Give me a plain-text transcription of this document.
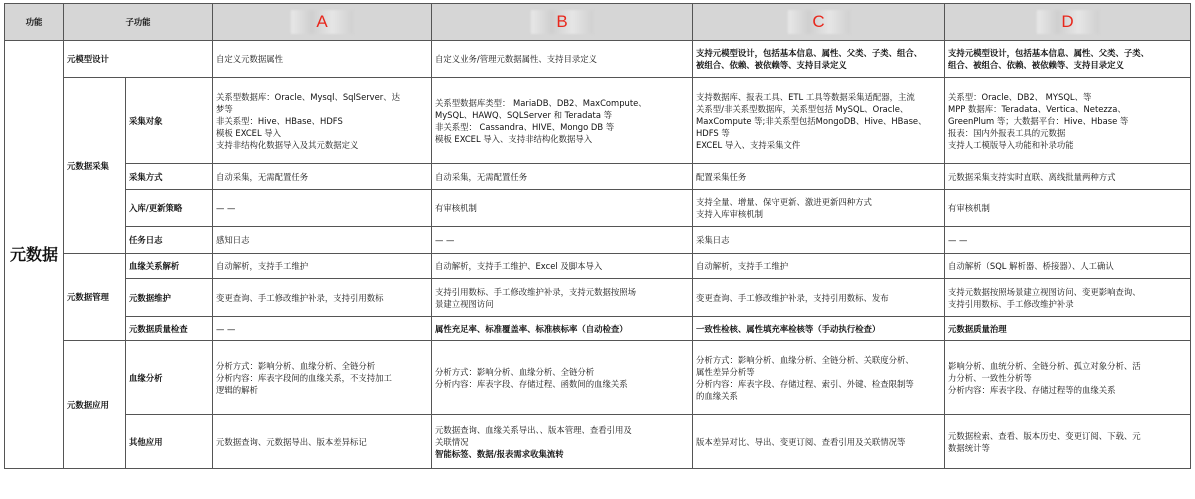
功能	子功能		A	B	C	D

元数据	元模型设计		自定义元数据属性	自定义业务/管理元数据属性、支持目录定义	支持元模型设计，包括基本信息、属性、父类、子类、组合、
被组合、依赖、被依赖等、支持目录定义	支持元模型设计，包括基本信息、属性、父类、子类、
组合、被组合、依赖、被依赖等、支持目录定义

	元数据采集	采集对象	关系型数据库：Oracle、Mysql、SqlServer、达
梦等
非关系型：Hive、HBase、HDFS
模板 EXCEL 导入
支持非结构化数据导入及其元数据定义	关系型数据库类型： MariaDB、DB2、MaxCompute、
MySQL、HAWQ、SQLServer 和 Teradata 等
非关系型： Cassandra、HIVE、Mongo DB 等
模板 EXCEL 导入、支持非结构化数据导入	支持数据库、报表工具、ETL 工具等数据采集适配器，主流
关系型/非关系型数据库，关系型包括 MySQL、Oracle、
MaxCompute 等;非关系型包括MongoDB、Hive、HBase、
HDFS 等
EXCEL 导入、支持采集文件	关系型：Oracle、DB2、 MYSQL、等
MPP 数据库：Teradata、Vertica、Netezza、
GreenPlum 等；大数据平台：Hive、Hbase 等
报表：国内外报表工具的元数据
支持人工模版导入功能和补录功能

		采集方式	自动采集，无需配置任务	自动采集，无需配置任务	配置采集任务	元数据采集支持实时直联、离线批量两种方式

		入库/更新策略	— —	有审核机制	支持全量、增量、保守更新、激进更新四种方式
支持入库审核机制	有审核机制

		任务日志	感知日志	— —	采集日志	— —

	元数据管理	血缘关系解析	自动解析，支持手工维护	自动解析，支持手工维护、Excel 及脚本导入	自动解析，支持手工维护	自动解析（SQL 解析器、桥接器）、人工确认

		元数据维护	变更查询、手工修改维护补录，支持引用数标	支持引用数标、手工修改维护补录，支持元数据按照场
景建立视图访问	变更查询、手工修改维护补录，支持引用数标、发布	支持元数据按照场景建立视图访问、变更影响查询、
支持引用数标、手工修改维护补录

		元数据质量检查	— —	属性充足率、标准覆盖率、标准核标率（自动检查）	一致性检核、属性填充率检核等（手动执行检查）	元数据质量治理

	元数据应用	血缘分析	分析方式：影响分析、血缘分析、全链分析
分析内容：库表字段间的血缘关系，不支持加工
逻辑的解析	分析方式：影响分析、血缘分析、全链分析
分析内容：库表字段、存储过程、函数间的血缘关系	分析方式：影响分析、血缘分析、全链分析、关联度分析、
属性差异分析等
分析内容：库表字段、存储过程、索引、外键、检查限制等
的血缘关系	影响分析、血统分析、全链分析、孤立对象分析、活
力分析、一致性分析等
分析内容：库表字段、存储过程等的血缘关系

		其他应用	元数据查询、元数据导出、版本差异标记	元数据查询、血缘关系导出、、版本管理、查看引用及
关联情况
智能标签、数据/报表需求收集流转	版本差异对比、导出、变更订阅、查看引用及关联情况等	元数据检索、查看、版本历史、变更订阅、下载、元
数据统计等
